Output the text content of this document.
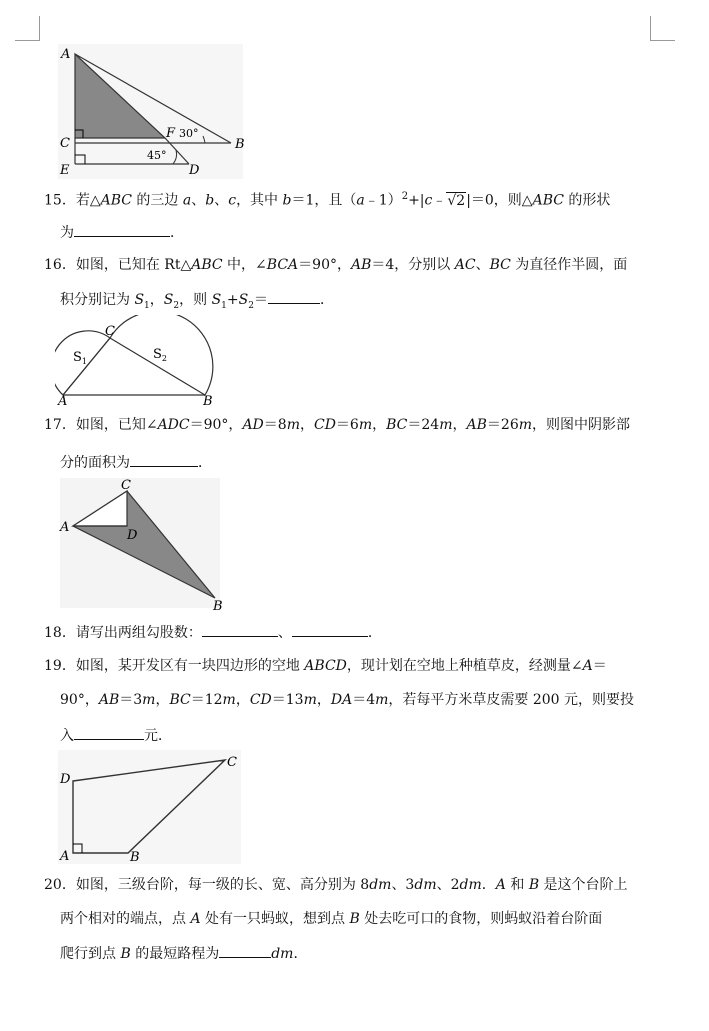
A
C
E	D
F
B
30°
45°
15．若△ABC 的三边 a、b、c，其中 b＝1，且（a﹣1）$^2$+|c﹣√2|＝0，则△ABC 的形状
为	．
16．如图，已知在 Rt△ABC 中，∠BCA＝90°，AB＝4，分别以 AC、BC 为直径作半圆，面
积分别记为 $S_1$，$S_2$，则 $S_1+S_2=$	．
C
A	B
$S_1$	$S_2$
17．如图，已知∠ADC＝90°，AD＝8m，CD＝6m，BC＝24m，AB＝26m，则图中阴影部
分的面积为	．
C
A
D
B
18．请写出两组勾股数：	、	．
19．如图，某开发区有一块四边形的空地 ABCD，现计划在空地上种植草皮，经测量∠A＝
90°，AB＝3m，BC＝12m，CD＝13m，DA＝4m，若每平方米草皮需要 200 元，则要投
入	元．
D
C
A	B
20．如图，三级台阶，每一级的长、宽、高分别为 8dm、3dm、2dm．A 和 B 是这个台阶上
两个相对的端点，点 A 处有一只蚂蚁，想到点 B 处去吃可口的食物，则蚂蚁沿着台阶面
爬行到点 B 的最短路程为	dm．
